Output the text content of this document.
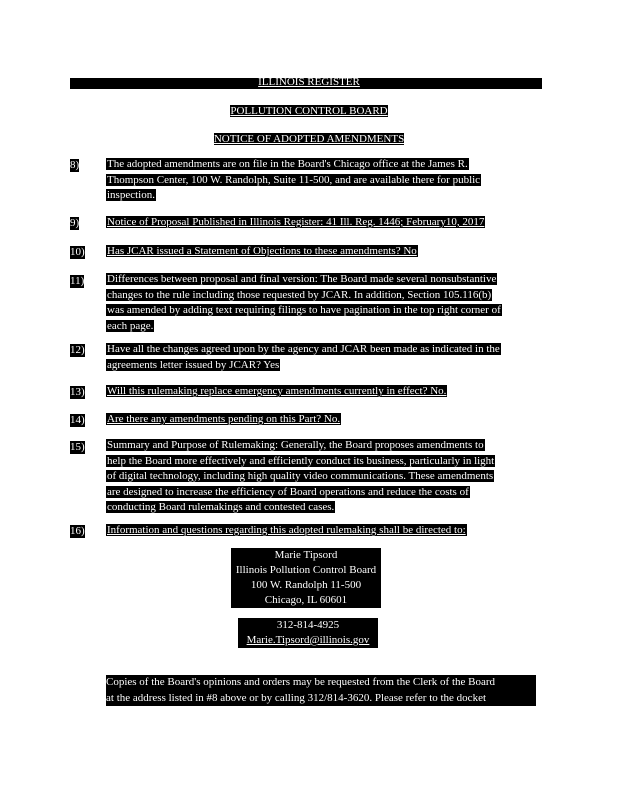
ILLINOIS REGISTER
POLLUTION CONTROL BOARD
NOTICE OF ADOPTED AMENDMENTS
8)	The adopted amendments are on file in the Board's Chicago office at the James R.
Thompson Center, 100 W. Randolph, Suite 11-500, and are available there for public
inspection.
9)	Notice of Proposal Published in Illinois Register: 41 Ill. Reg. 1446; February10, 2017
10) Has JCAR issued a Statement of Objections to these amendments? No
11) Differences between proposal and final version: The Board made several nonsubstantive
changes to the rule including those requested by JCAR. In addition, Section 105.116(b)
was amended by adding text requiring filings to have pagination in the top right corner of
each page.
12) Have all the changes agreed upon by the agency and JCAR been made as indicated in the
agreements letter issued by JCAR? Yes
13) Will this rulemaking replace emergency amendments currently in effect? No.
14) Are there any amendments pending on this Part? No.
15) Summary and Purpose of Rulemaking: Generally, the Board proposes amendments to
help the Board more effectively and efficiently conduct its business, particularly in light
of digital technology, including high quality video communications. These amendments
are designed to increase the efficiency of Board operations and reduce the costs of
conducting Board rulemakings and contested cases.
16) Information and questions regarding this adopted rulemaking shall be directed to:
Marie Tipsord
Illinois Pollution Control Board
100 W. Randolph 11-500
Chicago, IL 60601
312-814-4925
Marie.Tipsord@illinois.gov
Copies of the Board's opinions and orders may be requested from the Clerk of the Board
at the address listed in #8 above or by calling 312/814-3620. Please refer to the docket
